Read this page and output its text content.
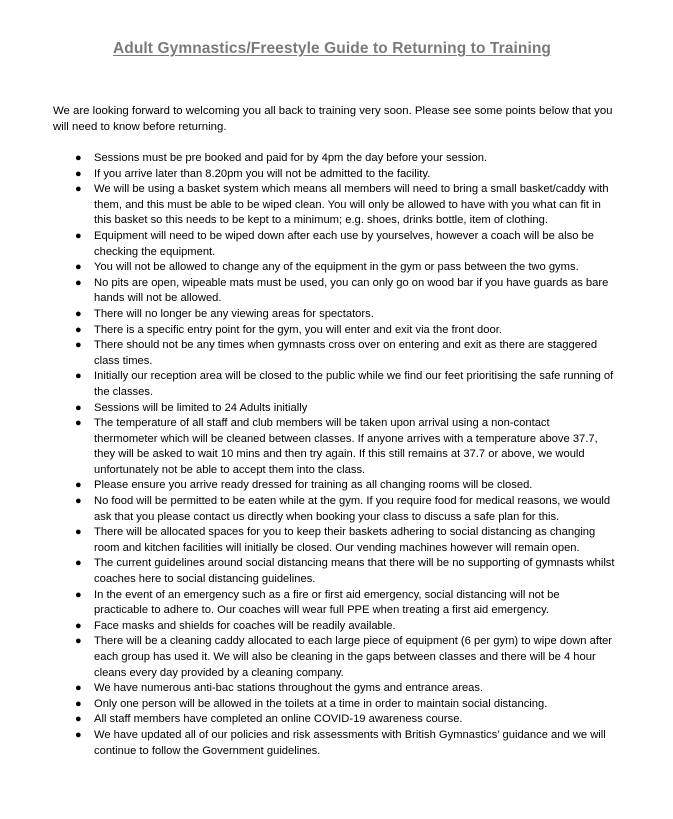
Adult Gymnastics/Freestyle Guide to Returning to Training
We are looking forward to welcoming you all back to training very soon. Please see some points below that you will need to know before returning.
● Sessions must be pre booked and paid for by 4pm the day before your session.
● If you arrive later than 8.20pm you will not be admitted to the facility.
● We will be using a basket system which means all members will need to bring a small basket/caddy with them, and this must be able to be wiped clean. You will only be allowed to have with you what can fit in this basket so this needs to be kept to a minimum; e.g. shoes, drinks bottle, item of clothing.
● Equipment will need to be wiped down after each use by yourselves, however a coach will be also be checking the equipment.
● You will not be allowed to change any of the equipment in the gym or pass between the two gyms.
● No pits are open, wipeable mats must be used, you can only go on wood bar if you have guards as bare hands will not be allowed.
● There will no longer be any viewing areas for spectators.
● There is a specific entry point for the gym, you will enter and exit via the front door.
● There should not be any times when gymnasts cross over on entering and exit as there are staggered class times.
● Initially our reception area will be closed to the public while we find our feet prioritising the safe running of the classes.
● Sessions will be limited to 24 Adults initially
● The temperature of all staff and club members will be taken upon arrival using a non-contact thermometer which will be cleaned between classes. If anyone arrives with a temperature above 37.7, they will be asked to wait 10 mins and then try again. If this still remains at 37.7 or above, we would unfortunately not be able to accept them into the class.
● Please ensure you arrive ready dressed for training as all changing rooms will be closed.
● No food will be permitted to be eaten while at the gym. If you require food for medical reasons, we would ask that you please contact us directly when booking your class to discuss a safe plan for this.
● There will be allocated spaces for you to keep their baskets adhering to social distancing as changing room and kitchen facilities will initially be closed. Our vending machines however will remain open.
● The current guidelines around social distancing means that there will be no supporting of gymnasts whilst coaches here to social distancing guidelines.
● In the event of an emergency such as a fire or first aid emergency, social distancing will not be practicable to adhere to. Our coaches will wear full PPE when treating a first aid emergency.
● Face masks and shields for coaches will be readily available.
● There will be a cleaning caddy allocated to each large piece of equipment (6 per gym) to wipe down after each group has used it. We will also be cleaning in the gaps between classes and there will be 4 hour cleans every day provided by a cleaning company.
● We have numerous anti-bac stations throughout the gyms and entrance areas.
● Only one person will be allowed in the toilets at a time in order to maintain social distancing.
● All staff members have completed an online COVID-19 awareness course.
● We have updated all of our policies and risk assessments with British Gymnastics’ guidance and we will continue to follow the Government guidelines.
